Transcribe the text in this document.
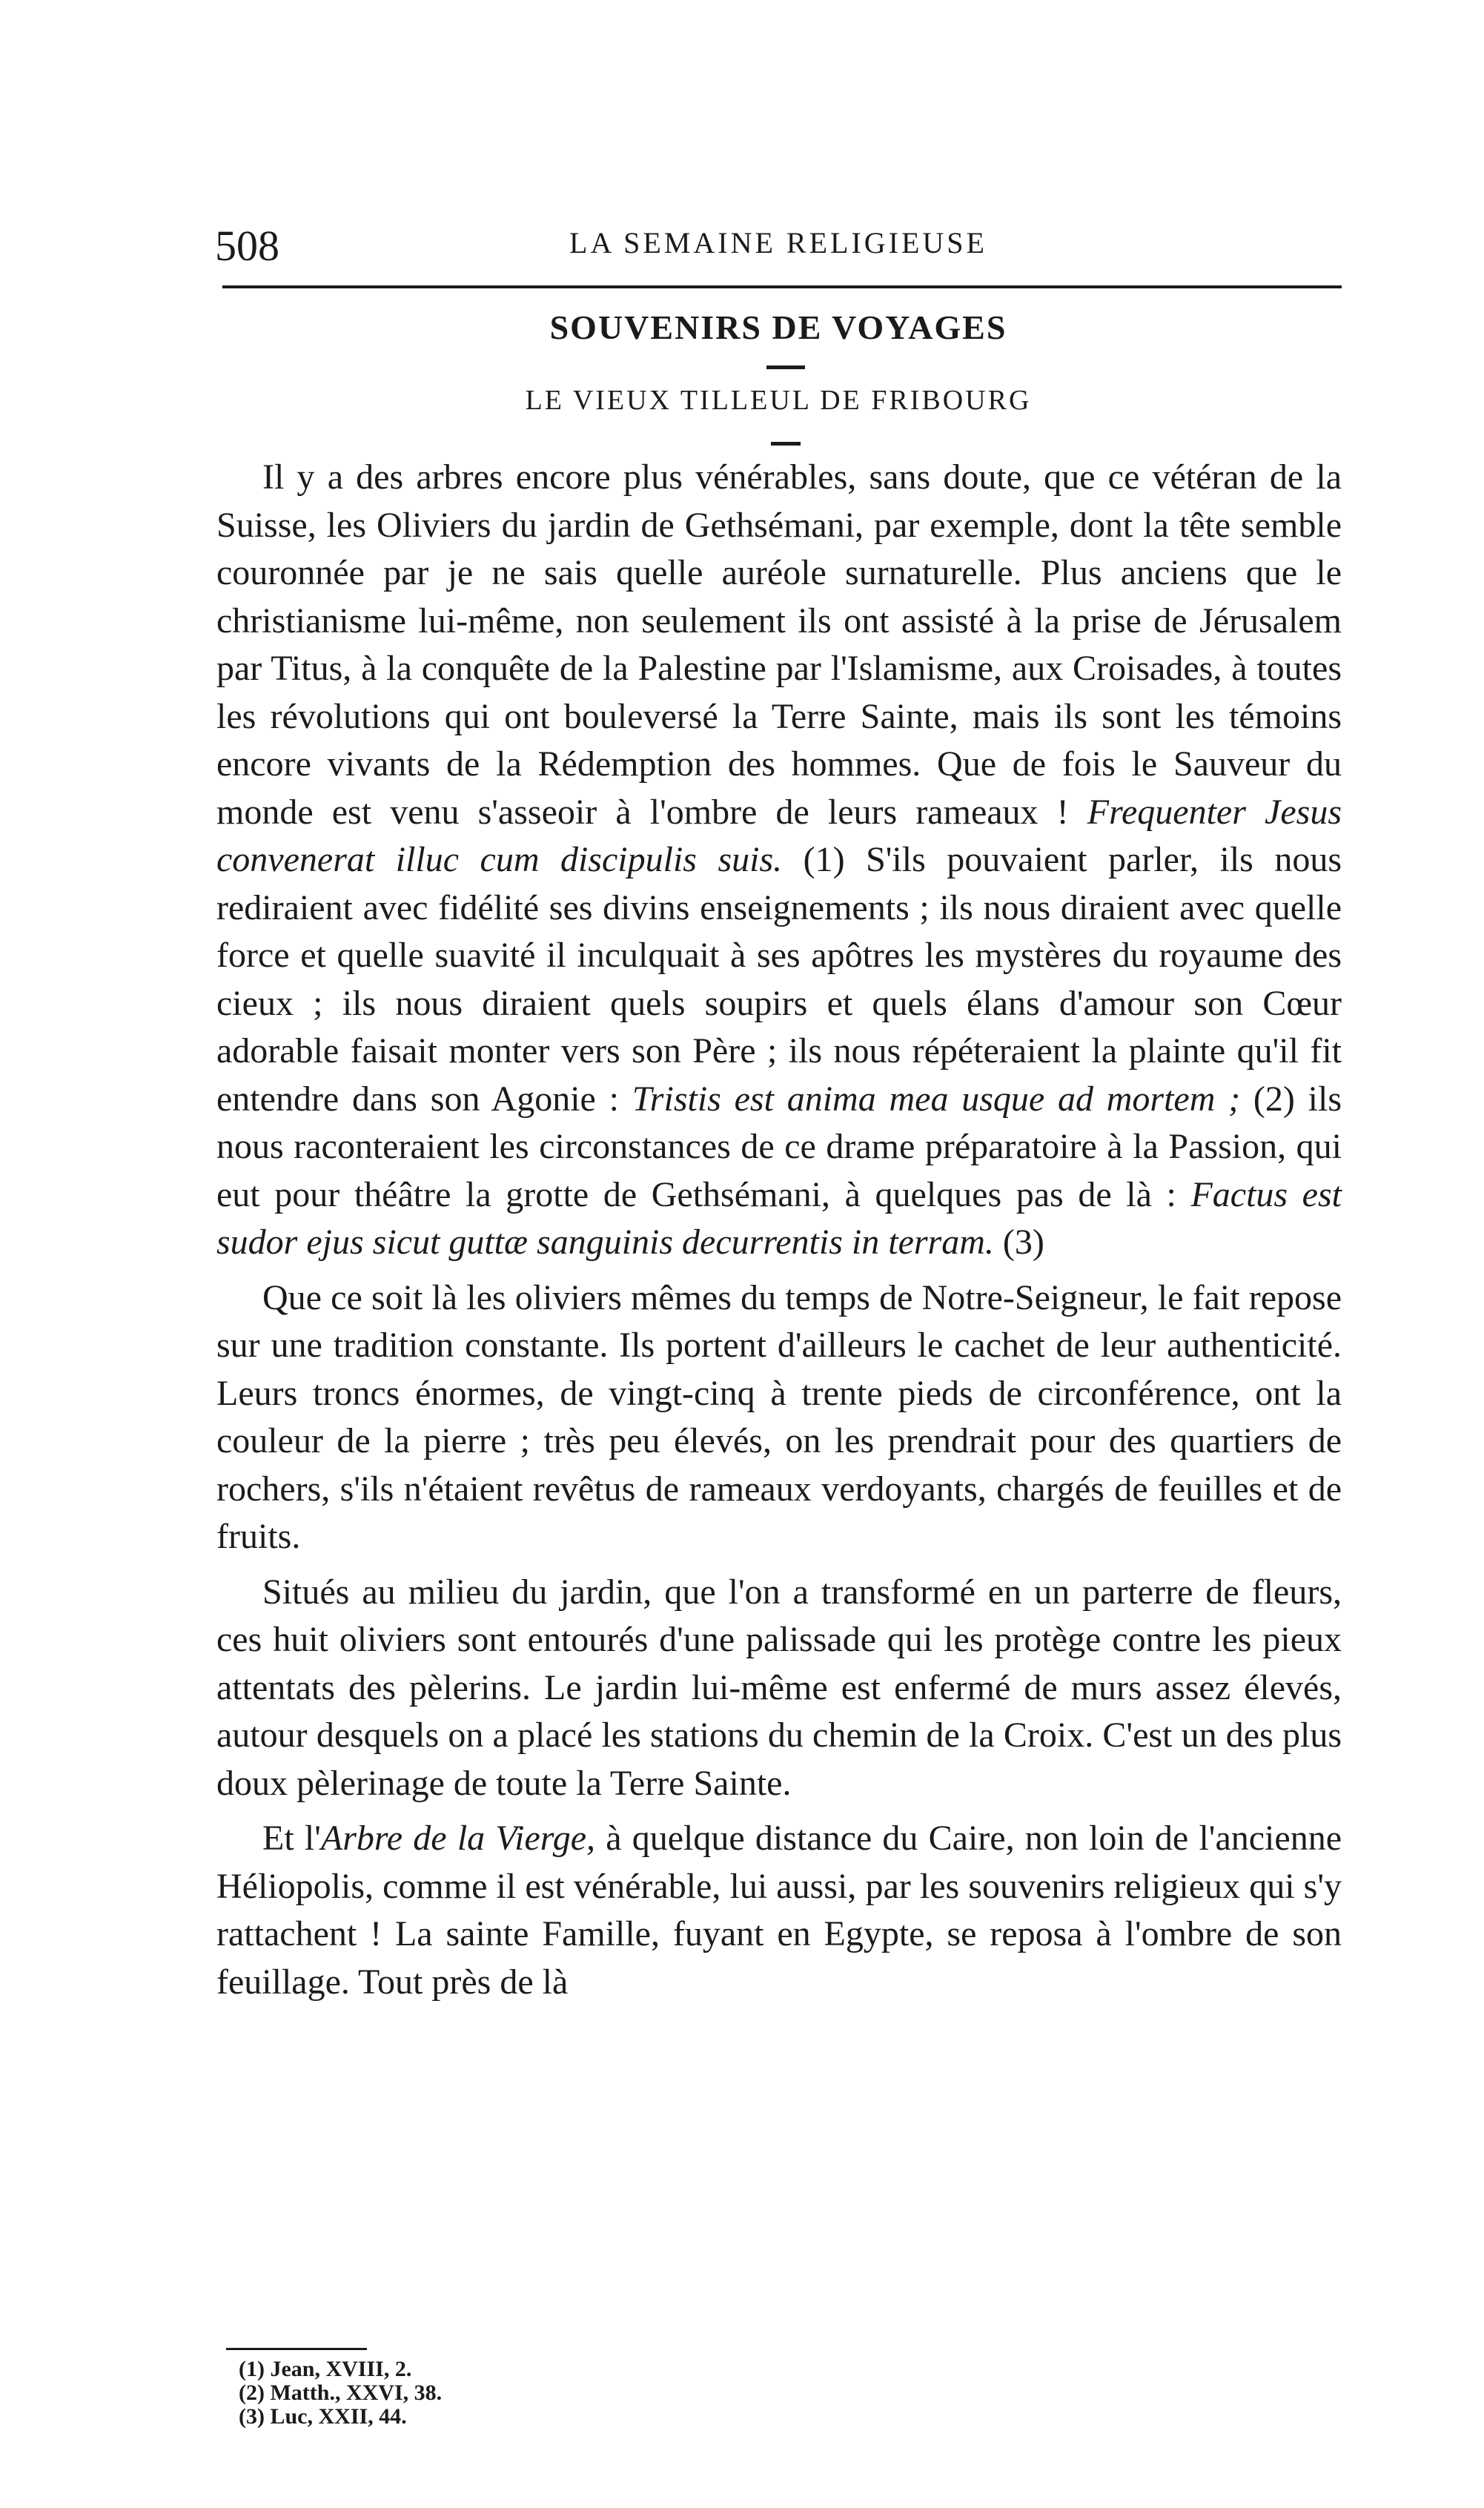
508	LA SEMAINE RELIGIEUSE
SOUVENIRS DE VOYAGES
LE VIEUX TILLEUL DE FRIBOURG

Il y a des arbres encore plus vénérables, sans doute, que ce vétéran de la Suisse, les Oliviers du jardin de Gethsémani, par exemple, dont la tête semble couronnée par je ne sais quelle auréole surnaturelle. Plus anciens que le christianisme lui-même, non seulement ils ont assisté à la prise de Jérusalem par Titus, à la conquête de la Palestine par l'Islamisme, aux Croisades, à toutes les révolutions qui ont bouleversé la Terre Sainte, mais ils sont les témoins encore vivants de la Rédemption des hommes. Que de fois le Sauveur du monde est venu s'asseoir à l'ombre de leurs rameaux ! Frequenter Jesus convenerat illuc cum discipulis suis. (1) S'ils pouvaient parler, ils nous rediraient avec fidélité ses divins enseignements ; ils nous diraient avec quelle force et quelle suavité il inculquait à ses apôtres les mystères du royaume des cieux ; ils nous diraient quels soupirs et quels élans d'amour son Cœur adorable faisait monter vers son Père ; ils nous répéteraient la plainte qu'il fit entendre dans son Agonie : Tristis est anima mea usque ad mortem ; (2) ils nous raconteraient les circonstances de ce drame préparatoire à la Passion, qui eut pour théâtre la grotte de Gethsémani, à quelques pas de là : Factus est sudor ejus sicut guttæ sanguinis decurrentis in terram. (3)

Que ce soit là les oliviers mêmes du temps de Notre-Seigneur, le fait repose sur une tradition constante. Ils portent d'ailleurs le cachet de leur authenticité. Leurs troncs énormes, de vingt-cinq à trente pieds de circonférence, ont la couleur de la pierre ; très peu élevés, on les prendrait pour des quartiers de rochers, s'ils n'étaient revêtus de rameaux verdoyants, chargés de feuilles et de fruits.

Situés au milieu du jardin, que l'on a transformé en un parterre de fleurs, ces huit oliviers sont entourés d'une palissade qui les protège contre les pieux attentats des pèlerins. Le jardin lui-même est enfermé de murs assez élevés, autour desquels on a placé les stations du chemin de la Croix. C'est un des plus doux pèlerinage de toute la Terre Sainte.

Et l'Arbre de la Vierge, à quelque distance du Caire, non loin de l'ancienne Héliopolis, comme il est vénérable, lui aussi, par les souvenirs religieux qui s'y rattachent ! La sainte Famille, fuyant en Egypte, se reposa à l'ombre de son feuillage. Tout près de là

(1) Jean, XVIII, 2.
(2) Matth., XXVI, 38.
(3) Luc, XXII, 44.
